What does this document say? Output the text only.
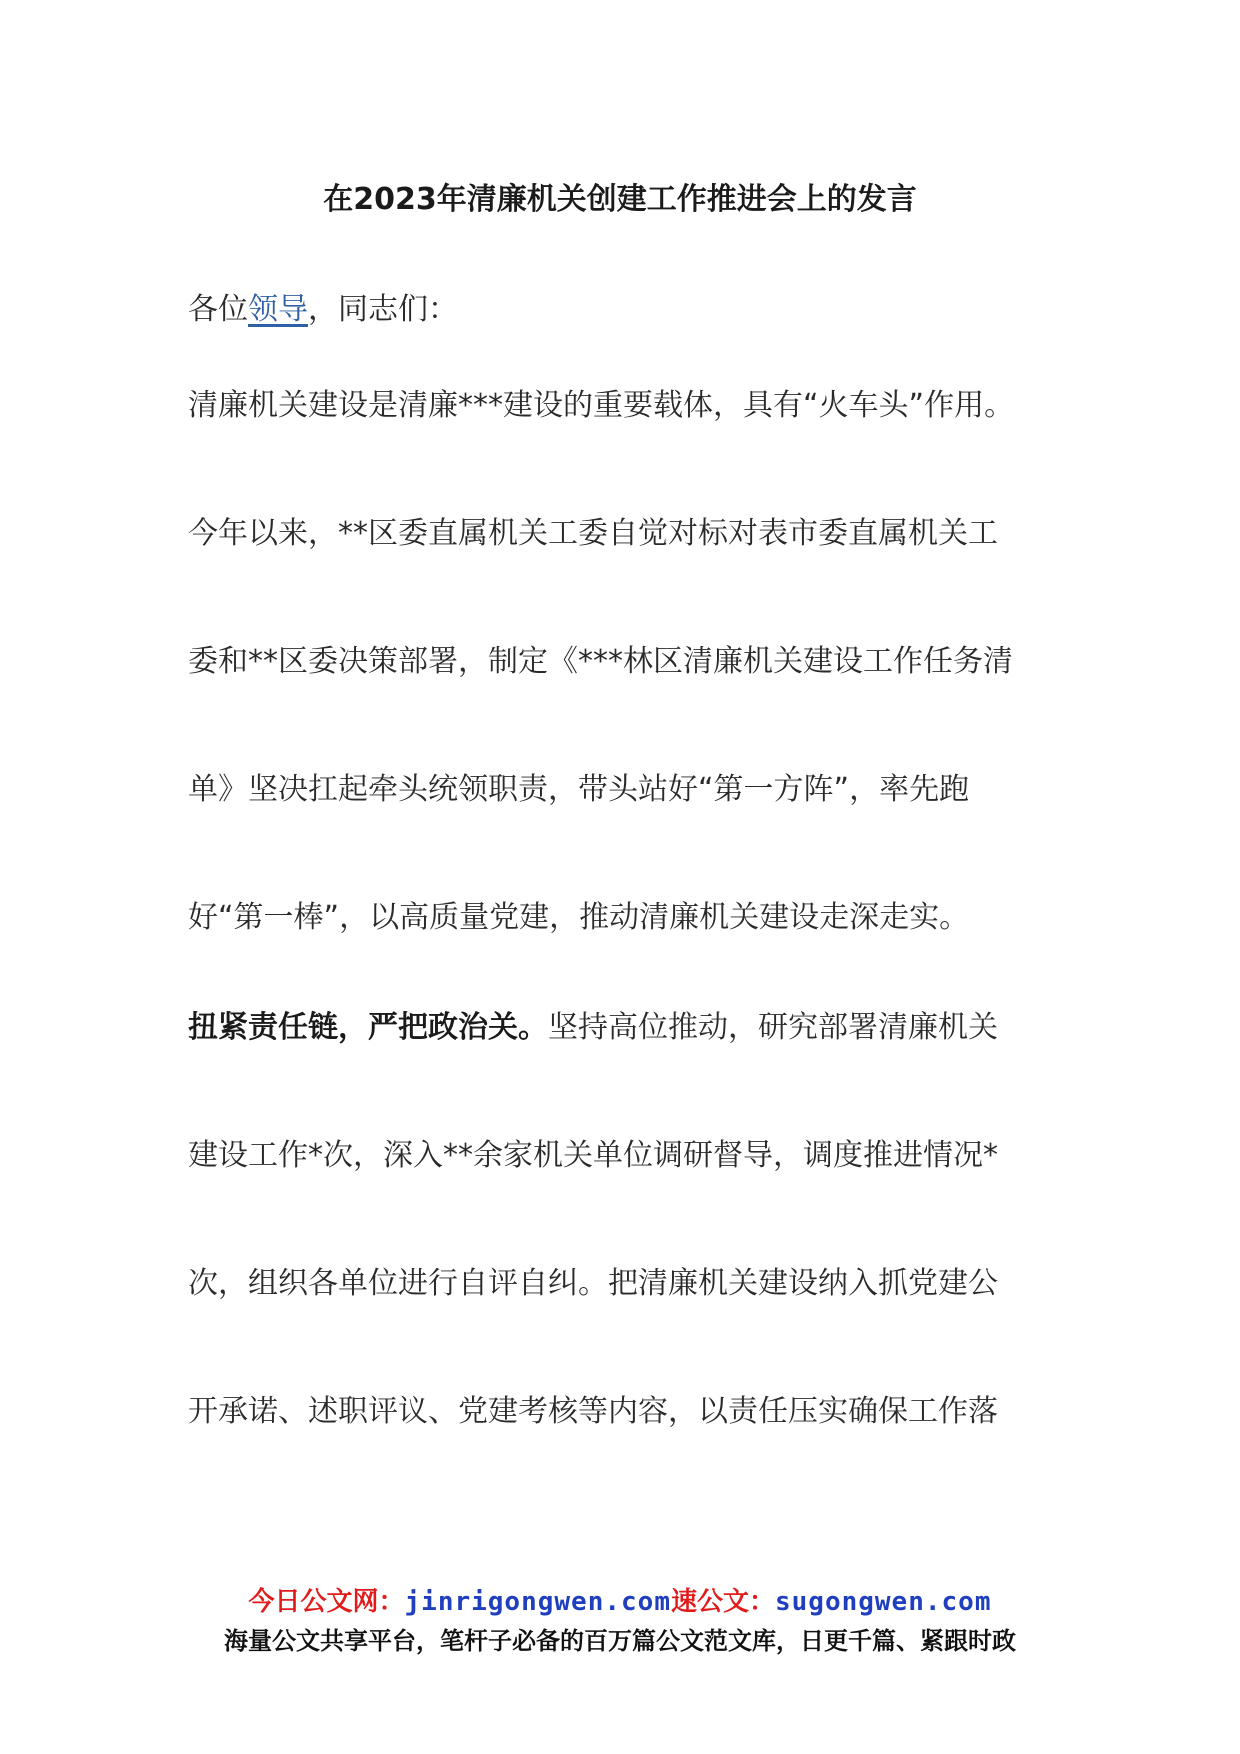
在2023年清廉机关创建工作推进会上的发言
各位领导，同志们：
清廉机关建设是清廉***建设的重要载体，具有“火车头”作用。
今年以来，**区委直属机关工委自觉对标对表市委直属机关工
委和**区委决策部署，制定《***林区清廉机关建设工作任务清
单》坚决扛起牵头统领职责，带头站好“第一方阵”，率先跑
好“第一棒”，以高质量党建，推动清廉机关建设走深走实。
扭紧责任链，严把政治关。坚持高位推动，研究部署清廉机关
建设工作*次，深入**余家机关单位调研督导，调度推进情况*
次，组织各单位进行自评自纠。把清廉机关建设纳入抓党建公
开承诺、述职评议、党建考核等内容，以责任压实确保工作落
今日公文网：jinrigongwen.com速公文：sugongwen.com
海量公文共享平台，笔杆子必备的百万篇公文范文库，日更千篇、紧跟时政
